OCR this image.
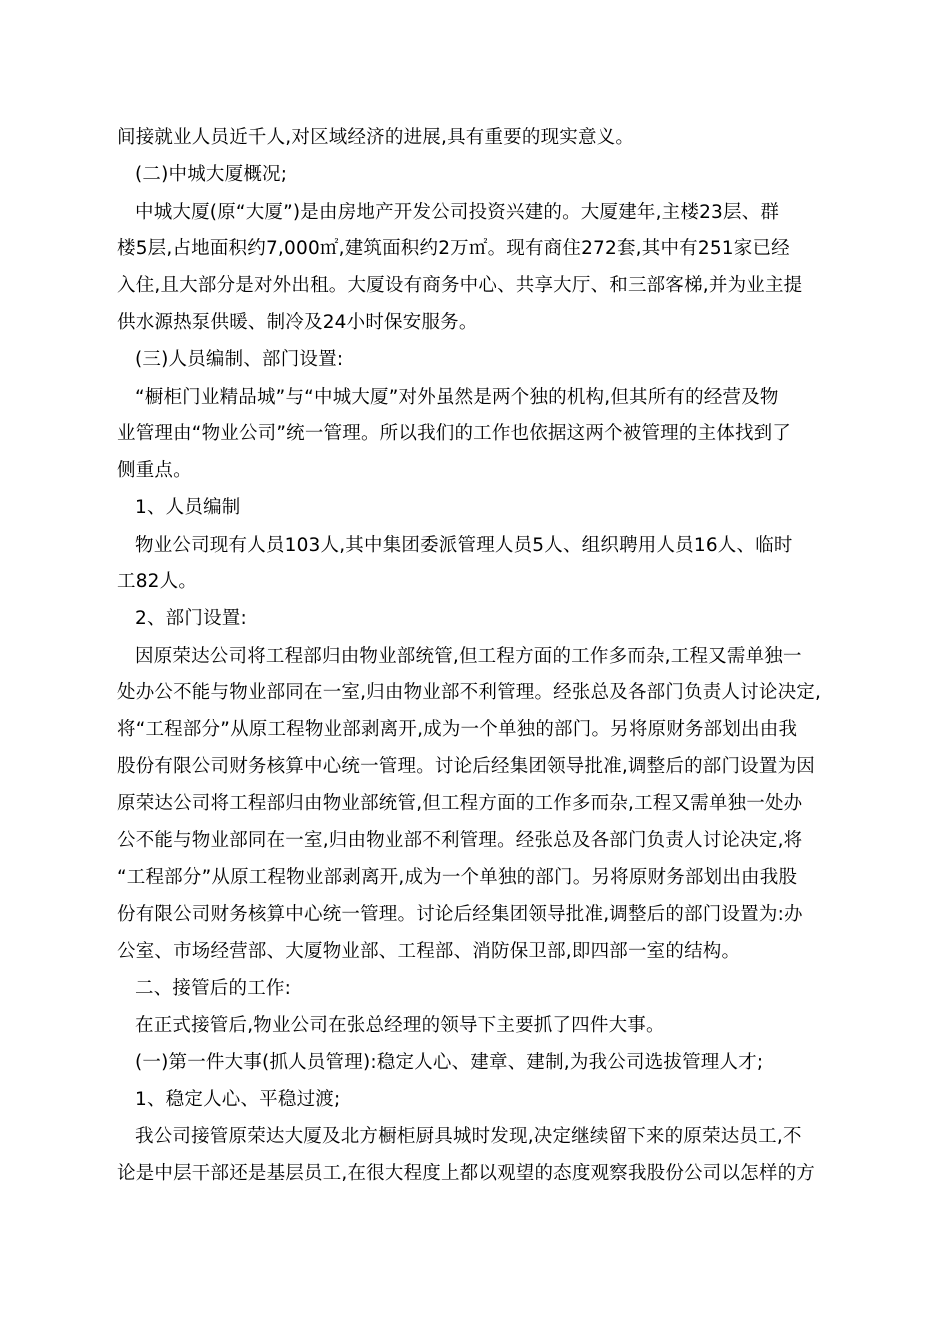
间接就业人员近千人,对区域经济的进展,具有重要的现实意义。
(二)中城大厦概况;
中城大厦(原“大厦”)是由房地产开发公司投资兴建的。大厦建年,主楼23层、群
楼5层,占地面积约7,000㎡,建筑面积约2万㎡。现有商住272套,其中有251家已经
入住,且大部分是对外出租。大厦设有商务中心、共享大厅、和三部客梯,并为业主提
供水源热泵供暖、制冷及24小时保安服务。
(三)人员编制、部门设置:
“橱柜门业精品城”与“中城大厦”对外虽然是两个独的机构,但其所有的经营及物
业管理由“物业公司”统一管理。所以我们的工作也依据这两个被管理的主体找到了
侧重点。
1、人员编制
物业公司现有人员103人,其中集团委派管理人员5人、组织聘用人员16人、临时
工82人。
2、部门设置:
因原荣达公司将工程部归由物业部统管,但工程方面的工作多而杂,工程又需单独一
处办公不能与物业部同在一室,归由物业部不利管理。经张总及各部门负责人讨论决定,
将“工程部分”从原工程物业部剥离开,成为一个单独的部门。另将原财务部划出由我
股份有限公司财务核算中心统一管理。讨论后经集团领导批准,调整后的部门设置为因
原荣达公司将工程部归由物业部统管,但工程方面的工作多而杂,工程又需单独一处办
公不能与物业部同在一室,归由物业部不利管理。经张总及各部门负责人讨论决定,将
“工程部分”从原工程物业部剥离开,成为一个单独的部门。另将原财务部划出由我股
份有限公司财务核算中心统一管理。讨论后经集团领导批准,调整后的部门设置为:办
公室、市场经营部、大厦物业部、工程部、消防保卫部,即四部一室的结构。
二、接管后的工作:
在正式接管后,物业公司在张总经理的领导下主要抓了四件大事。
(一)第一件大事(抓人员管理):稳定人心、建章、建制,为我公司选拔管理人才;
1、稳定人心、平稳过渡;
我公司接管原荣达大厦及北方橱柜厨具城时发现,决定继续留下来的原荣达员工,不
论是中层干部还是基层员工,在很大程度上都以观望的态度观察我股份公司以怎样的方
